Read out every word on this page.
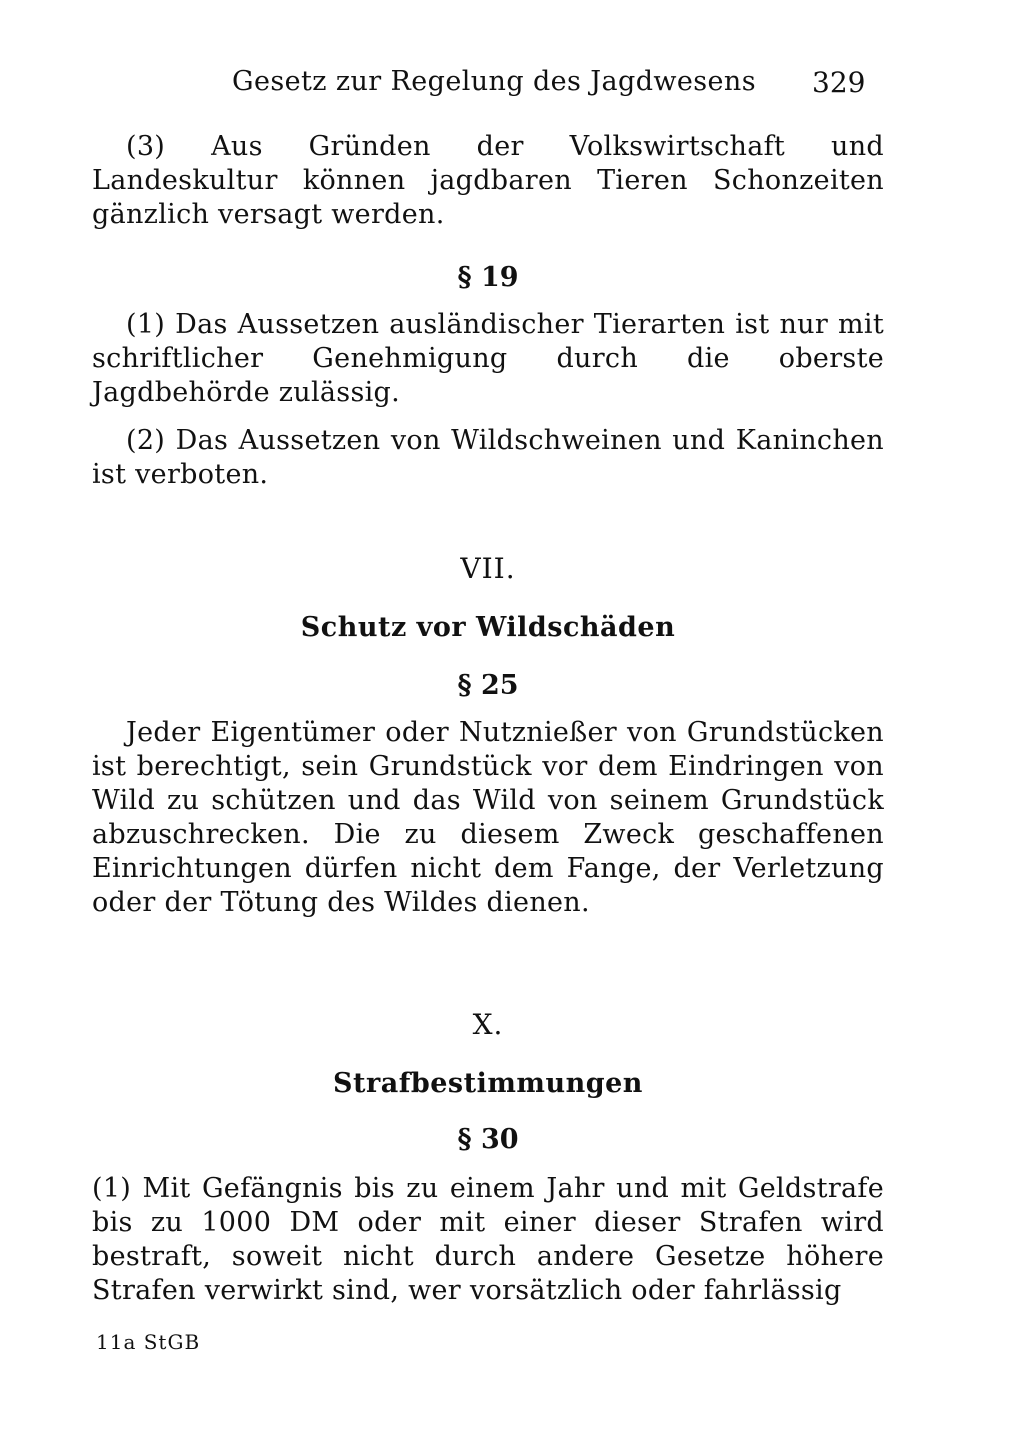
Gesetz zur Regelung des Jagdwesens 329
(3) Aus Gründen der Volkswirtschaft und Landeskultur können jagdbaren Tieren Schonzeiten gänzlich versagt werden.
§ 19
(1) Das Aussetzen ausländischer Tierarten ist nur mit schriftlicher Genehmigung durch die oberste Jagdbehörde zulässig.
(2) Das Aussetzen von Wildschweinen und Kaninchen ist verboten.
VII.
Schutz vor Wildschäden
§ 25
Jeder Eigentümer oder Nutznießer von Grundstücken ist berechtigt, sein Grundstück vor dem Eindringen von Wild zu schützen und das Wild von seinem Grundstück abzuschrecken. Die zu diesem Zweck geschaffenen Einrichtungen dürfen nicht dem Fange, der Verletzung oder der Tötung des Wildes dienen.
X.
Strafbestimmungen
§ 30
(1) Mit Gefängnis bis zu einem Jahr und mit Geldstrafe bis zu 1000 DM oder mit einer dieser Strafen wird bestraft, soweit nicht durch andere Gesetze höhere Strafen verwirkt sind, wer vorsätzlich oder fahrlässig
11a StGB
